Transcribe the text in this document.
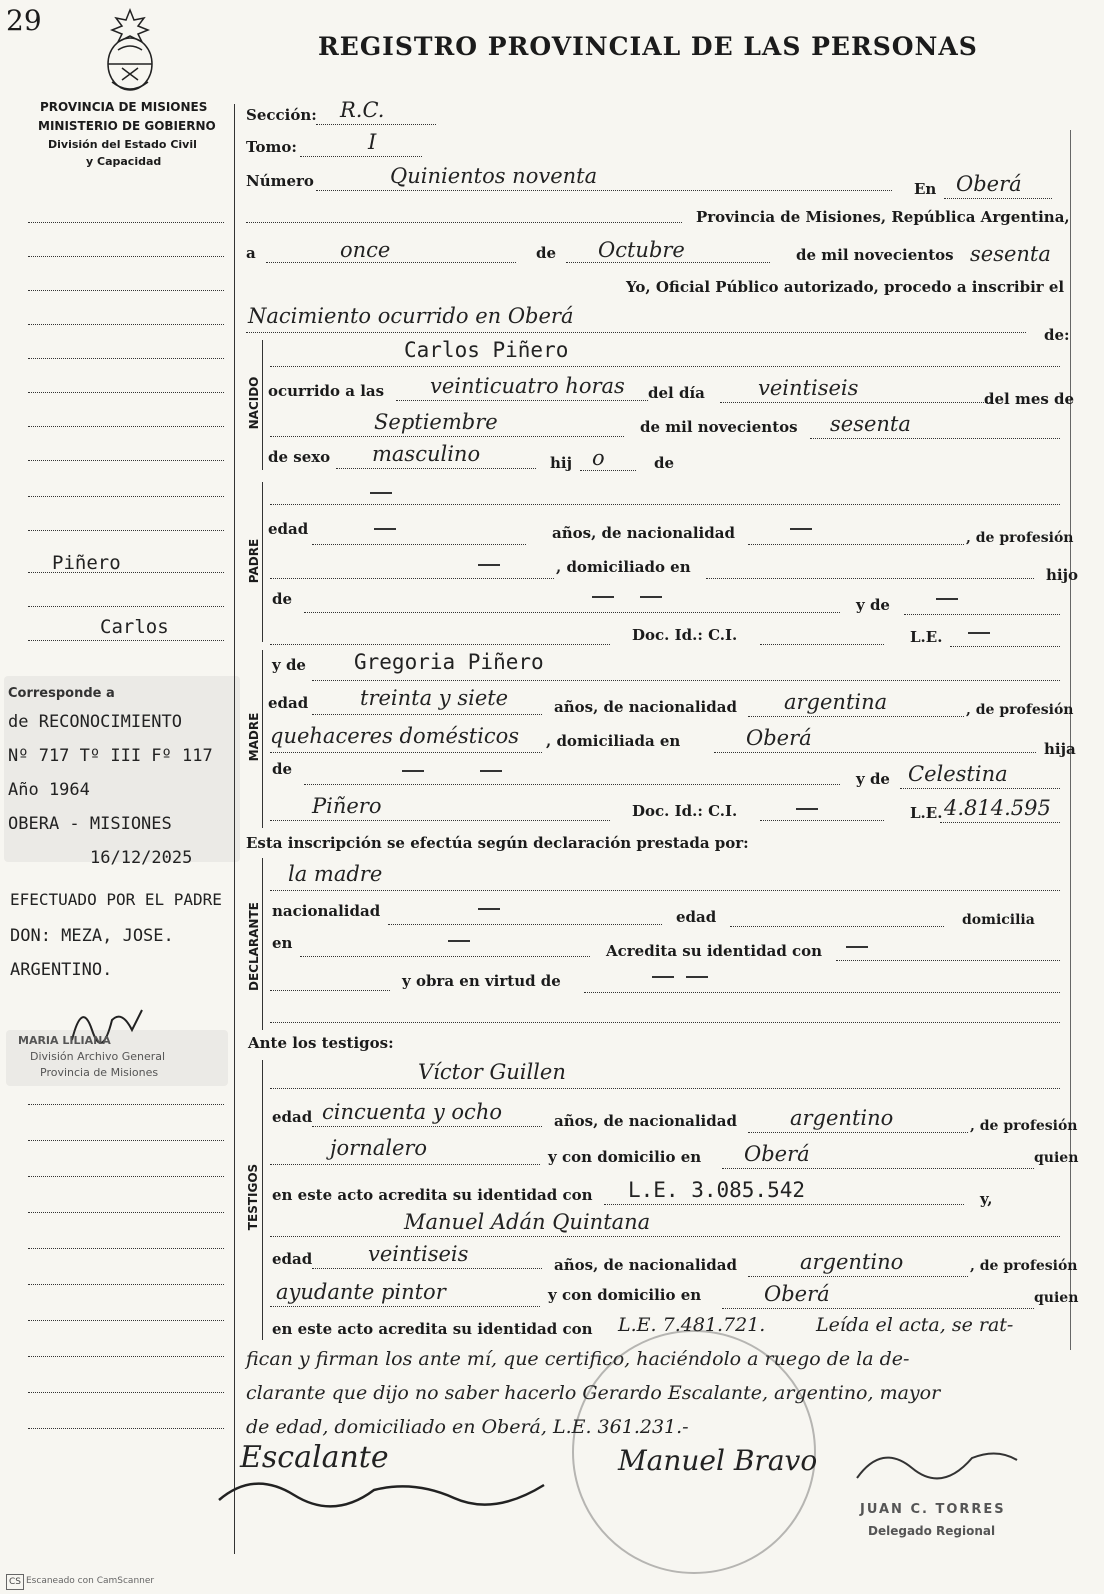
29
REGISTRO PROVINCIAL DE LAS PERSONAS
PROVINCIA DE MISIONES
MINISTERIO DE GOBIERNO
División del Estado Civil
y Capacidad
Piñero
Carlos
Corresponde a
de RECONOCIMIENTO
Nº 717 Tº III Fº 117
Año 1964
OBERA - MISIONES
16/12/2025
EFECTUADO POR EL PADRE
DON: MEZA, JOSE.
ARGENTINO.
MARIA LILIANA
División Archivo General
Provincia de Misiones
Sección: R.C.
Tomo:	I
Número	Quinientos noventa
En Oberá
Provincia de Misiones, República Argentina,
a	once	de Octubre	de mil novecientos sesenta
Yo, Oficial Público autorizado, procedo a inscribir el
Nacimiento ocurrido en Oberá
de:
NACIDO
Carlos Piñero
ocurrido a las veinticuatro horas del día	veintiseis	del mes de
Septiembre	de mil novecientos sesenta
de sexo masculino	hij o	de
PADRE
edad	años, de nacionalidad	, de profesión
, domiciliado en	hijo
de	y de
Doc. Id.: C.I.	L.E.
MADRE
y de Gregoria Piñero
edad treinta y siete	años, de nacionalidad argentina	, de profesión
quehaceres domésticos , domiciliada en	Oberá	hija
de
y de Celestina
Piñero	Doc. Id.: C.I.	L.E. 4.814.595
Esta inscripción se efectúa según declaración prestada por:
DECLARANTE
la madre
nacionalidad	edad	domicilia
en	Acredita su identidad con
y obra en virtud de
Ante los testigos:
TESTIGOS
Víctor Guillen
edad cincuenta y ocho	años, de nacionalidad	argentino	, de profesión
jornalero	y con domicilio en Oberá	quien
en este acto acredita su identidad con L.E. 3.085.542	y,
Manuel Adán Quintana
edad	veintiseis	años, de nacionalidad	argentino	, de profesión
ayudante pintor	y con domicilio en	Oberá	quien
en este acto acredita su identidad con L.E. 7.481.721.	Leída el acta, se rat-
fican y firman los ante mí, que certifico, haciéndolo a ruego de la de-
clarante que dijo no saber hacerlo Gerardo Escalante, argentino, mayor
de edad, domiciliado en Oberá, L.E. 361.231.-
Escalante	Manuel Bravo
JUAN C. TORRES
Delegado Regional
CS Escaneado con CamScanner
